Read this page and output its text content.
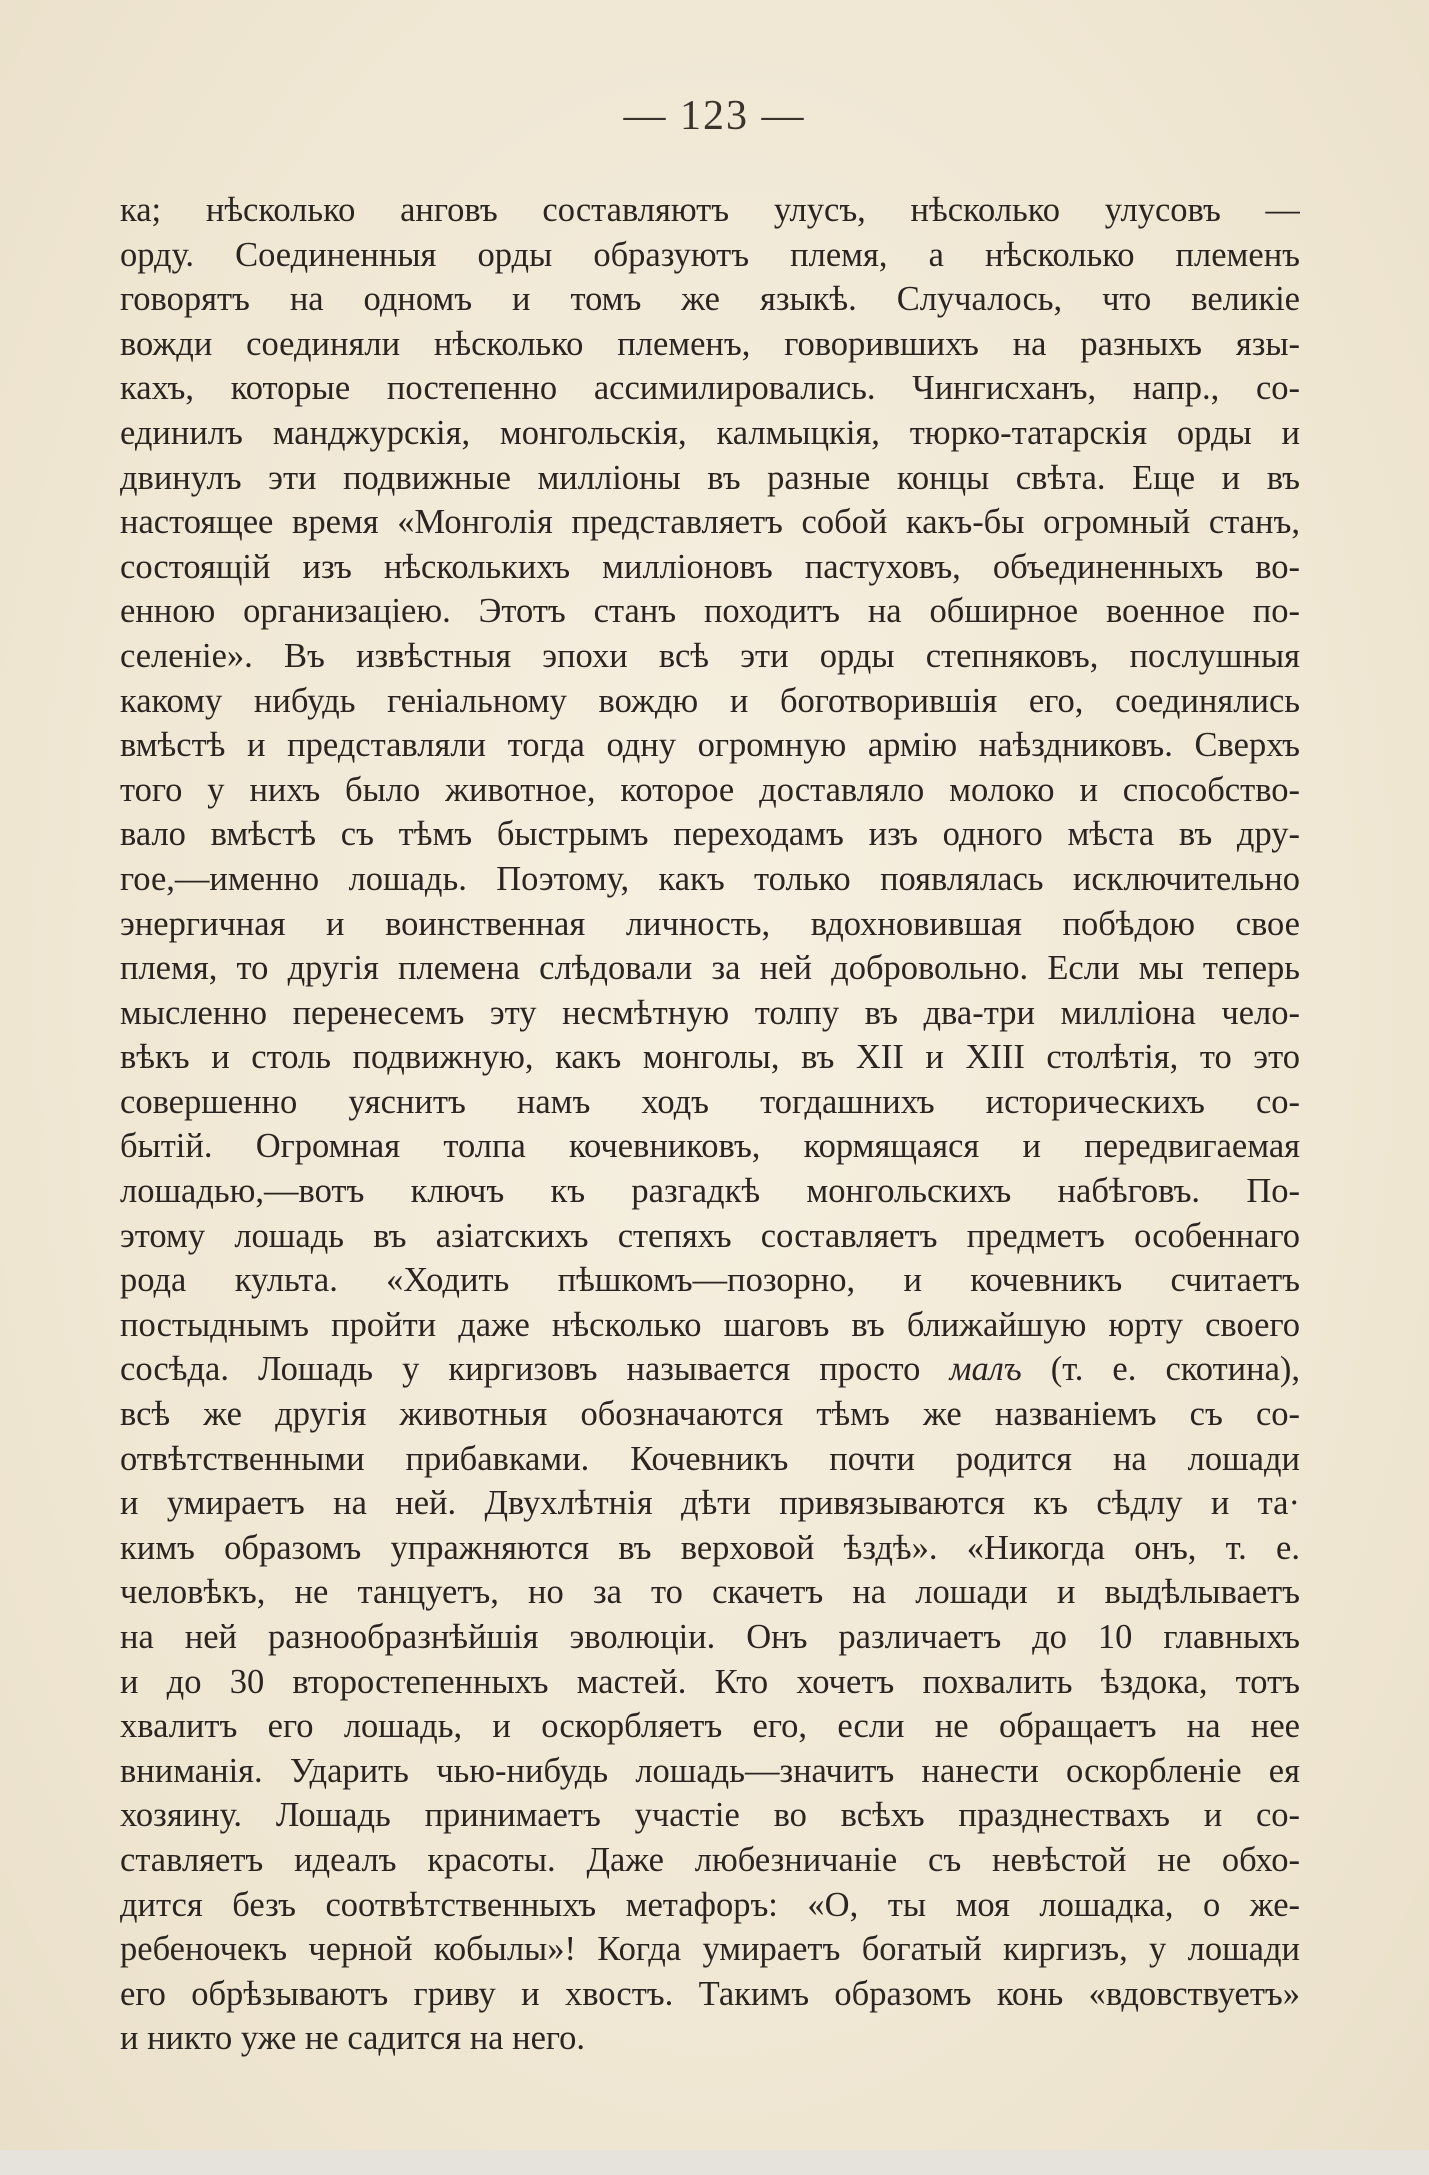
— 123 —
ка; нѣсколько анговъ составляютъ улусъ, нѣсколько улусовъ —
орду. Соединенныя орды образуютъ племя, а нѣсколько племенъ
говорятъ на одномъ и томъ же языкѣ. Случалось, что великіе
вожди соединяли нѣсколько племенъ, говорившихъ на разныхъ язы-
кахъ, которые постепенно ассимилировались. Чингисханъ, напр., со-
единилъ манджурскія, монгольскія, калмыцкія, тюрко-татарскія орды и
двинулъ эти подвижные милліоны въ разные концы свѣта. Еще и въ
настоящее время «Монголія представляетъ собой какъ-бы огромный станъ,
состоящій изъ нѣсколькихъ милліоновъ пастуховъ, объединенныхъ во-
енною организаціею. Этотъ станъ походитъ на обширное военное по-
селеніе». Въ извѣстныя эпохи всѣ эти орды степняковъ, послушныя
какому нибудь геніальному вождю и боготворившія его, соединялись
вмѣстѣ и представляли тогда одну огромную армію наѣздниковъ. Сверхъ
того у нихъ было животное, которое доставляло молоко и способство-
вало вмѣстѣ съ тѣмъ быстрымъ переходамъ изъ одного мѣста въ дру-
гое,—именно лошадь. Поэтому, какъ только появлялась исключительно
энергичная и воинственная личность, вдохновившая побѣдою свое
племя, то другія племена слѣдовали за ней добровольно. Если мы теперь
мысленно перенесемъ эту несмѣтную толпу въ два-три милліона чело-
вѣкъ и столь подвижную, какъ монголы, въ XII и XIII столѣтія, то это
совершенно уяснитъ намъ ходъ тогдашнихъ историческихъ со-
бытій. Огромная толпа кочевниковъ, кормящаяся и передвигаемая
лошадью,—вотъ ключъ къ разгадкѣ монгольскихъ набѣговъ. По-
этому лошадь въ азіатскихъ степяхъ составляетъ предметъ особеннаго
рода культа. «Ходить пѣшкомъ—позорно, и кочевникъ считаетъ
постыднымъ пройти даже нѣсколько шаговъ въ ближайшую юрту своего
сосѣда. Лошадь у киргизовъ называется просто малъ (т. е. скотина),
всѣ же другія животныя обозначаются тѣмъ же названіемъ съ со-
отвѣтственными прибавками. Кочевникъ почти родится на лошади
и умираетъ на ней. Двухлѣтнія дѣти привязываются къ сѣдлу и та·
кимъ образомъ упражняются въ верховой ѣздѣ». «Никогда онъ, т. е.
человѣкъ, не танцуетъ, но за то скачетъ на лошади и выдѣлываетъ
на ней разнообразнѣйшія эволюціи. Онъ различаетъ до 10 главныхъ
и до 30 второстепенныхъ мастей. Кто хочетъ похвалить ѣздока, тотъ
хвалитъ его лошадь, и оскорбляетъ его, если не обращаетъ на нее
вниманія. Ударить чью-нибудь лошадь—значитъ нанести оскорбленіе ея
хозяину. Лошадь принимаетъ участіе во всѣхъ празднествахъ и со-
ставляетъ идеалъ красоты. Даже любезничаніе съ невѣстой не обхо-
дится безъ соотвѣтственныхъ метафоръ: «О, ты моя лошадка, о же-
ребеночекъ черной кобылы»! Когда умираетъ богатый киргизъ, у лошади
его обрѣзываютъ гриву и хвостъ. Такимъ образомъ конь «вдовствуетъ»
и никто уже не садится на него.
